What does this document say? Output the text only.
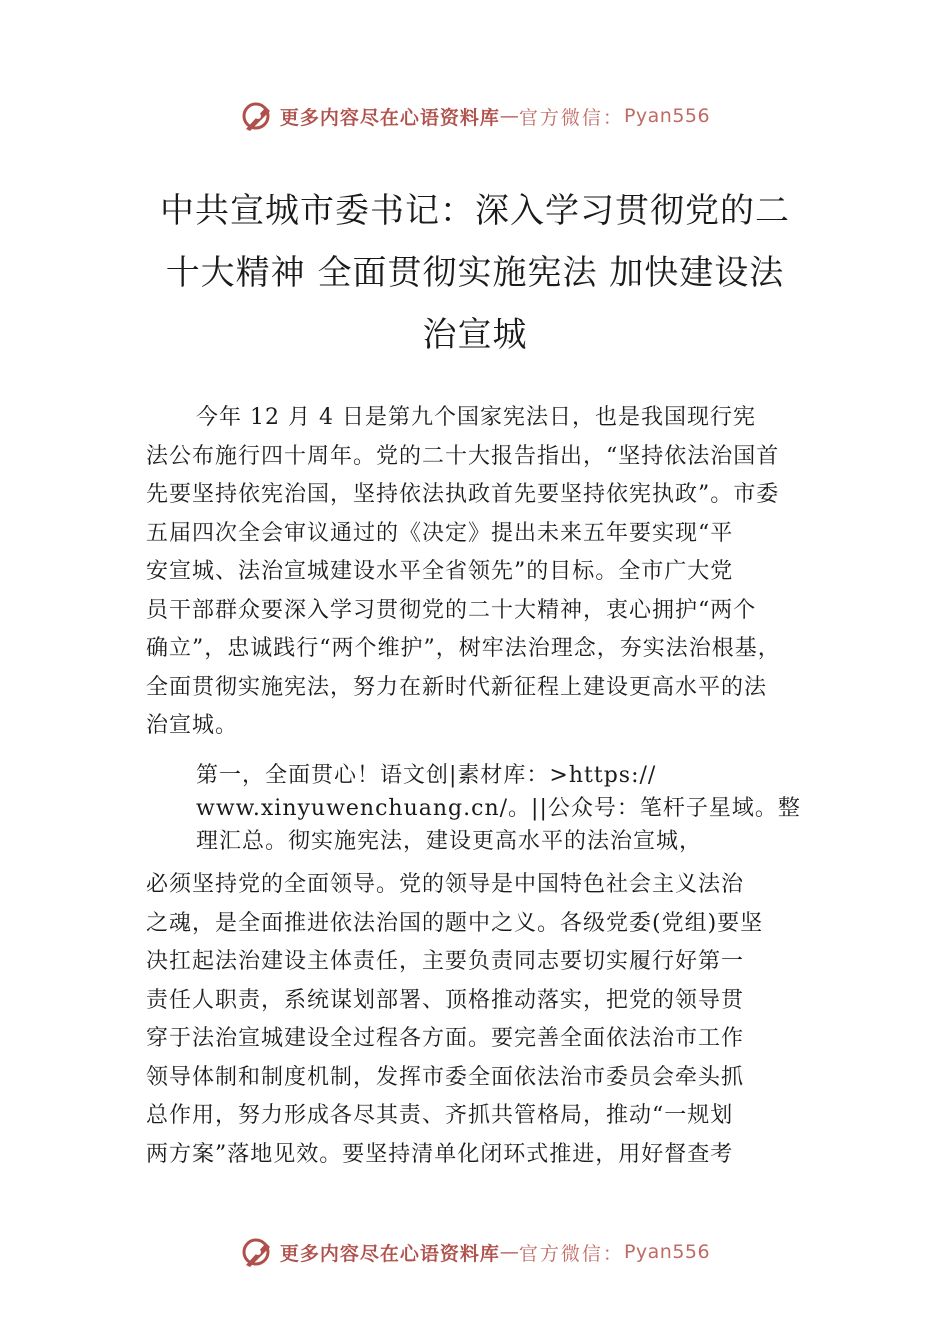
更多内容尽在心语资料库 — 官方微信： Pyan556
中共宣城市委书记：深入学习贯彻党的二
十大精神 全面贯彻实施宪法 加快建设法
治宣城

今年 12 月 4 日是第九个国家宪法日，也是我国现行宪
法公布施行四十周年。党的二十大报告指出，“坚持依法治国首
先要坚持依宪治国，坚持依法执政首先要坚持依宪执政”。市委
五届四次全会审议通过的《决定》提出未来五年要实现“平
安宣城、法治宣城建设水平全省领先”的目标。全市广大党
员干部群众要深入学习贯彻党的二十大精神，衷心拥护“两个
确立”，忠诚践行“两个维护”，树牢法治理念，夯实法治根基，
全面贯彻实施宪法，努力在新时代新征程上建设更高水平的法
治宣城。

第一，全面贯心！语文创|素材库：>https://
www.xinyuwenchuang.cn/。||公众号：笔杆子星域。整
理汇总。彻实施宪法，建设更高水平的法治宣城，

必须坚持党的全面领导。党的领导是中国特色社会主义法治
之魂，是全面推进依法治国的题中之义。各级党委(党组)要坚
决扛起法治建设主体责任，主要负责同志要切实履行好第一
责任人职责，系统谋划部署、顶格推动落实，把党的领导贯
穿于法治宣城建设全过程各方面。要完善全面依法治市工作
领导体制和制度机制，发挥市委全面依法治市委员会牵头抓
总作用，努力形成各尽其责、齐抓共管格局，推动“一规划
两方案”落地见效。要坚持清单化闭环式推进，用好督查考

更多内容尽在心语资料库 — 官方微信： Pyan556
